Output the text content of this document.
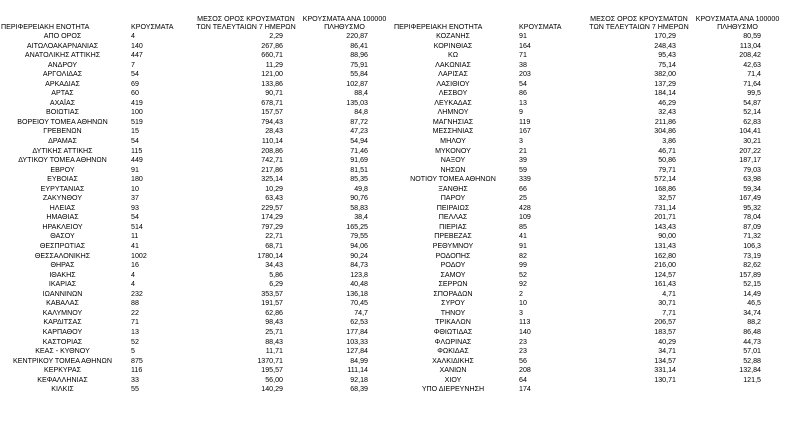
ΠΕΡΙΦΕΡΕΙΑΚΗ ΕΝΟΤΗΤΑ	ΚΡΟΥΣΜΑΤΑ	ΜΕΣΟΣ ΟΡΟΣ ΚΡΟΥΣΜΑΤΩΝ ΤΩΝ ΤΕΛΕΥΤΑΙΩΝ 7 ΗΜΕΡΩΝ	ΚΡΟΥΣΜΑΤΑ ΑΝΑ 100000 ΠΛΗΘΥΣΜΟ
ΑΠΟ ΟΡΟΣ	4	2,29	220,87
ΑΙΤΩΛΟΑΚΑΡΝΑΝΙΑΣ	140	267,86	86,41
ΑΝΑΤΟΛΙΚΗΣ ΑΤΤΙΚΗΣ	447	660,71	88,96
ΑΝΔΡΟΥ	7	11,29	75,91
ΑΡΓΟΛΙΔΑΣ	54	121,00	55,84
ΑΡΚΑΔΙΑΣ	69	133,86	102,87
ΑΡΤΑΣ	60	90,71	88,4
ΑΧΑΪΑΣ	419	678,71	135,03
ΒΟΙΩΤΙΑΣ	100	157,57	84,8
ΒΟΡΕΙΟΥ ΤΟΜΕΑ ΑΘΗΝΩΝ	519	794,43	87,72
ΓΡΕΒΕΝΩΝ	15	28,43	47,23
ΔΡΑΜΑΣ	54	110,14	54,94
ΔΥΤΙΚΗΣ ΑΤΤΙΚΗΣ	115	208,86	71,46
ΔΥΤΙΚΟΥ ΤΟΜΕΑ ΑΘΗΝΩΝ	449	742,71	91,69
ΕΒΡΟΥ	91	217,86	81,51
ΕΥΒΟΙΑΣ	180	325,14	85,35
ΕΥΡΥΤΑΝΙΑΣ	10	10,29	49,8
ΖΑΚΥΝΘΟΥ	37	63,43	90,76
ΗΛΕΙΑΣ	93	229,57	58,83
ΗΜΑΘΙΑΣ	54	174,29	38,4
ΗΡΑΚΛΕΙΟΥ	514	797,29	165,25
ΘΑΣΟΥ	11	22,71	79,55
ΘΕΣΠΡΩΤΙΑΣ	41	68,71	94,06
ΘΕΣΣΑΛΟΝΙΚΗΣ	1002	1780,14	90,24
ΘΗΡΑΣ	16	34,43	84,73
ΙΘΑΚΗΣ	4	5,86	123,8
ΙΚΑΡΙΑΣ	4	6,29	40,48
ΙΩΑΝΝΙΝΩΝ	232	353,57	136,18
ΚΑΒΑΛΑΣ	88	191,57	70,45
ΚΑΛΥΜΝΟΥ	22	62,86	74,7
ΚΑΡΔΙΤΣΑΣ	71	98,43	62,53
ΚΑΡΠΑΘΟΥ	13	25,71	177,84
ΚΑΣΤΟΡΙΑΣ	52	88,43	103,33
ΚΕΑΣ - ΚΥΘΝΟΥ	5	11,71	127,84
ΚΕΝΤΡΙΚΟΥ ΤΟΜΕΑ ΑΘΗΝΩΝ	875	1370,71	84,99
ΚΕΡΚΥΡΑΣ	116	195,57	111,14
ΚΕΦΑΛΛΗΝΙΑΣ	33	56,00	92,18
ΚΙΛΚΙΣ	55	140,29	68,39
ΠΕΡΙΦΕΡΕΙΑΚΗ ΕΝΟΤΗΤΑ	ΚΡΟΥΣΜΑΤΑ	ΜΕΣΟΣ ΟΡΟΣ ΚΡΟΥΣΜΑΤΩΝ ΤΩΝ ΤΕΛΕΥΤΑΙΩΝ 7 ΗΜΕΡΩΝ	ΚΡΟΥΣΜΑΤΑ ΑΝΑ 100000 ΠΛΗΘΥΣΜΟ
ΚΟΖΑΝΗΣ	91	170,29	80,59
ΚΟΡΙΝΘΙΑΣ	164	248,43	113,04
ΚΩ	71	95,43	208,42
ΛΑΚΩΝΙΑΣ	38	75,14	42,63
ΛΑΡΙΣΑΣ	203	382,00	71,4
ΛΑΣΙΘΙΟΥ	54	137,29	71,64
ΛΕΣΒΟΥ	86	184,14	99,5
ΛΕΥΚΑΔΑΣ	13	46,29	54,87
ΛΗΜΝΟΥ	9	32,43	52,14
ΜΑΓΝΗΣΙΑΣ	119	211,86	62,83
ΜΕΣΣΗΝΙΑΣ	167	304,86	104,41
ΜΗΛΟΥ	3	3,86	30,21
ΜΥΚΟΝΟΥ	21	46,71	207,22
ΝΑΞΟΥ	39	50,86	187,17
ΝΗΣΩΝ	59	79,71	79,03
ΝΟΤΙΟΥ ΤΟΜΕΑ ΑΘΗΝΩΝ	339	572,14	63,98
ΞΑΝΘΗΣ	66	168,86	59,34
ΠΑΡΟΥ	25	32,57	167,49
ΠΕΙΡΑΙΩΣ	428	731,14	95,32
ΠΕΛΛΑΣ	109	201,71	78,04
ΠΙΕΡΙΑΣ	85	143,43	87,09
ΠΡΕΒΕΖΑΣ	41	90,00	71,32
ΡΕΘΥΜΝΟΥ	91	131,43	106,3
ΡΟΔΟΠΗΣ	82	162,80	73,19
ΡΟΔΟΥ	99	216,00	82,62
ΣΑΜΟΥ	52	124,57	157,89
ΣΕΡΡΩΝ	92	161,43	52,15
ΣΠΟΡΑΔΩΝ	2	4,71	14,49
ΣΥΡΟΥ	10	30,71	46,5
ΤΗΝΟΥ	3	7,71	34,74
ΤΡΙΚΑΛΩΝ	113	206,57	88,2
ΦΘΙΩΤΙΔΑΣ	140	183,57	86,48
ΦΛΩΡΙΝΑΣ	23	40,29	44,73
ΦΩΚΙΔΑΣ	23	34,71	57,01
ΧΑΛΚΙΔΙΚΗΣ	56	134,57	52,88
ΧΑΝΙΩΝ	208	331,14	132,84
ΧΙΟΥ	64	130,71	121,5
ΥΠΟ ΔΙΕΡΕΥΝΗΣΗ	174		
